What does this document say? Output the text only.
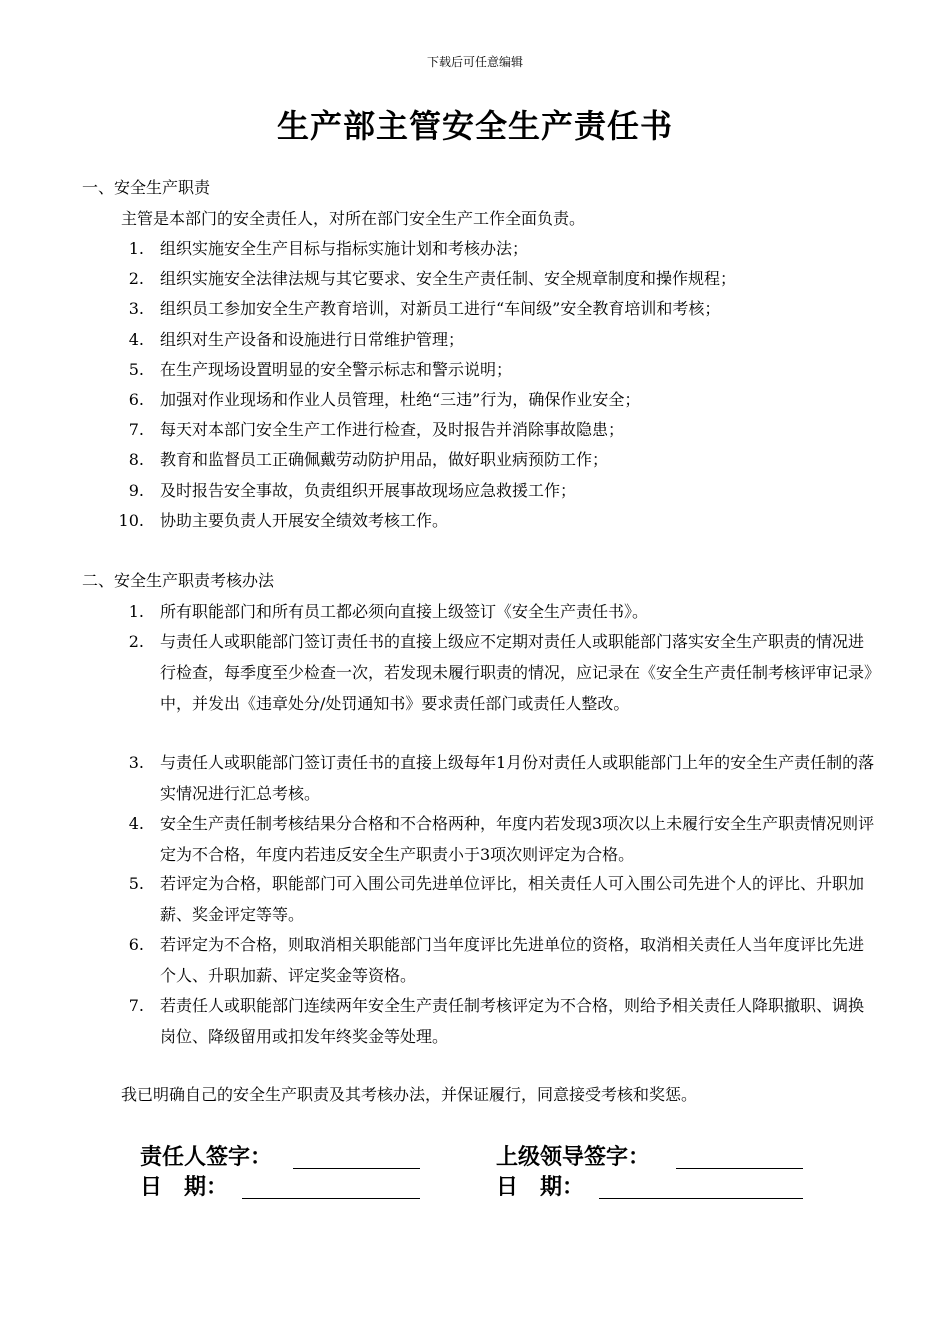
下载后可任意编辑
生产部主管安全生产责任书
一、安全生产职责
主管是本部门的安全责任人，对所在部门安全生产工作全面负责。
1. 组织实施安全生产目标与指标实施计划和考核办法；
2. 组织实施安全法律法规与其它要求、安全生产责任制、安全规章制度和操作规程；
3. 组织员工参加安全生产教育培训，对新员工进行“车间级”安全教育培训和考核；
4. 组织对生产设备和设施进行日常维护管理；
5. 在生产现场设置明显的安全警示标志和警示说明；
6. 加强对作业现场和作业人员管理，杜绝“三违”行为，确保作业安全；
7. 每天对本部门安全生产工作进行检查，及时报告并消除事故隐患；
8. 教育和监督员工正确佩戴劳动防护用品，做好职业病预防工作；
9. 及时报告安全事故，负责组织开展事故现场应急救援工作；
10. 协助主要负责人开展安全绩效考核工作。
二、安全生产职责考核办法
1. 所有职能部门和所有员工都必须向直接上级签订《安全生产责任书》。
2. 与责任人或职能部门签订责任书的直接上级应不定期对责任人或职能部门落实安全生产职责的情况进行检查，每季度至少检查一次，若发现未履行职责的情况，应记录在《安全生产责任制考核评审记录》中，并发出《违章处分/处罚通知书》要求责任部门或责任人整改。
3. 与责任人或职能部门签订责任书的直接上级每年1月份对责任人或职能部门上年的安全生产责任制的落实情况进行汇总考核。
4. 安全生产责任制考核结果分合格和不合格两种，年度内若发现3项次以上未履行安全生产职责情况则评定为不合格，年度内若违反安全生产职责小于3项次则评定为合格。
5. 若评定为合格，职能部门可入围公司先进单位评比，相关责任人可入围公司先进个人的评比、升职加薪、奖金评定等等。
6. 若评定为不合格，则取消相关职能部门当年度评比先进单位的资格，取消相关责任人当年度评比先进个人、升职加薪、评定奖金等资格。
7. 若责任人或职能部门连续两年安全生产责任制考核评定为不合格，则给予相关责任人降职撤职、调换岗位、降级留用或扣发年终奖金等处理。
我已明确自己的安全生产职责及其考核办法，并保证履行，同意接受考核和奖惩。
责任人签字：	上级领导签字：
日　期：	日　期：
